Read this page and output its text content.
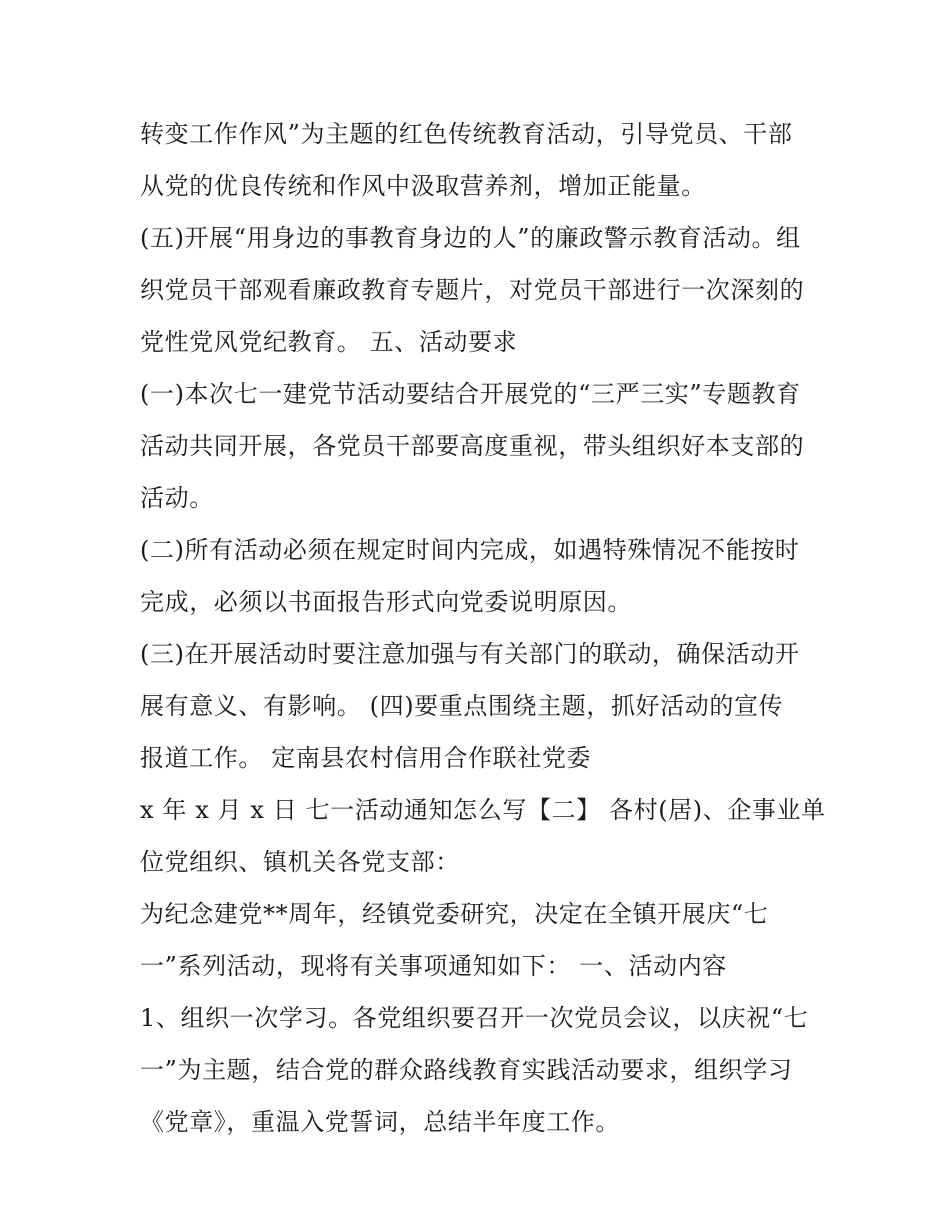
转变工作作风”为主题的红色传统教育活动，引导党员、干部
从党的优良传统和作风中汲取营养剂，增加正能量。
(五)开展“用身边的事教育身边的人”的廉政警示教育活动。组
织党员干部观看廉政教育专题片，对党员干部进行一次深刻的
党性党风党纪教育。 五、活动要求
(一)本次七一建党节活动要结合开展党的“三严三实”专题教育
活动共同开展，各党员干部要高度重视，带头组织好本支部的
活动。
(二)所有活动必须在规定时间内完成，如遇特殊情况不能按时
完成，必须以书面报告形式向党委说明原因。
(三)在开展活动时要注意加强与有关部门的联动，确保活动开
展有意义、有影响。 (四)要重点围绕主题，抓好活动的宣传
报道工作。 定南县农村信用合作联社党委
x 年 x 月 x 日 七一活动通知怎么写【二】 各村(居)、企事业单
位党组织、镇机关各党支部：
为纪念建党**周年，经镇党委研究，决定在全镇开展庆“七
一”系列活动，现将有关事项通知如下： 一、活动内容
1、组织一次学习。各党组织要召开一次党员会议，以庆祝“七
一”为主题，结合党的群众路线教育实践活动要求，组织学习
《党章》，重温入党誓词，总结半年度工作。
